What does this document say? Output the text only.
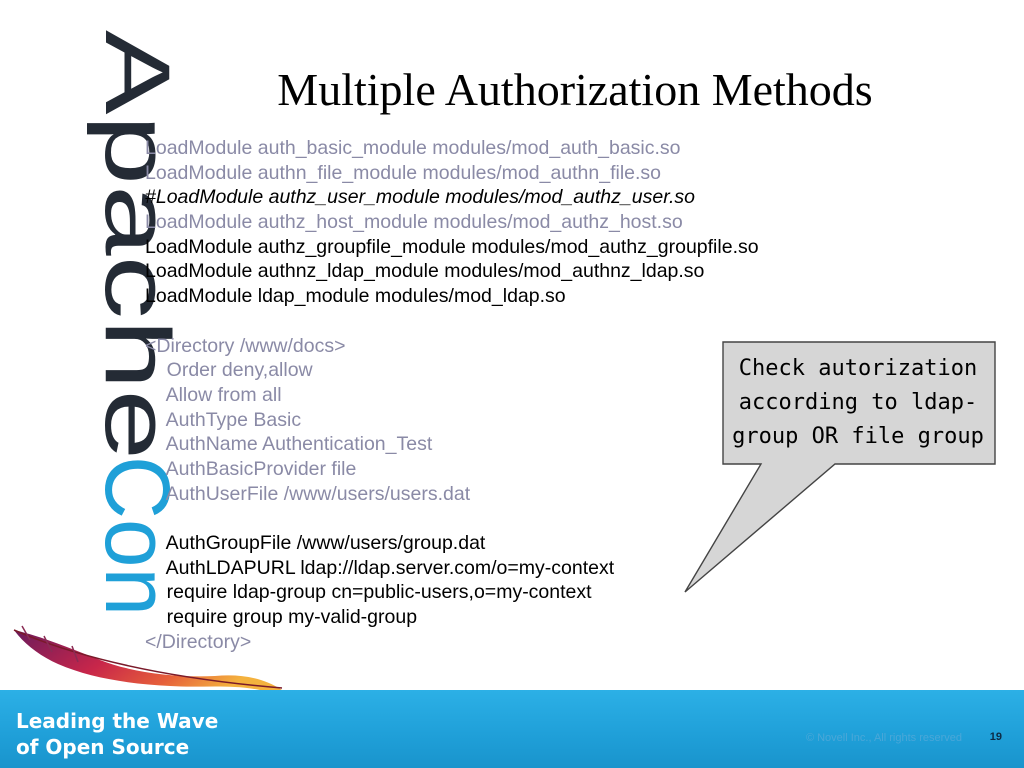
Apache
Con
Multiple Authorization Methods
LoadModule auth_basic_module modules/mod_auth_basic.so
LoadModule authn_file_module modules/mod_authn_file.so
#LoadModule authz_user_module modules/mod_authz_user.so
LoadModule authz_host_module modules/mod_authz_host.so
LoadModule authz_groupfile_module modules/mod_authz_groupfile.so
LoadModule authnz_ldap_module modules/mod_authnz_ldap.so
LoadModule ldap_module modules/mod_ldap.so
<Directory /www/docs>
Order deny,allow
Allow from all
AuthType Basic
AuthName Authentication_Test
AuthBasicProvider file
AuthUserFile /www/users/users.dat
AuthGroupFile /www/users/group.dat
AuthLDAPURL ldap://ldap.server.com/o=my-context
require ldap-group cn=public-users,o=my-context
require group my-valid-group
</Directory>
Check autorization
according to ldap-
group OR file group
Leading the Wave
of Open Source	© Novell Inc., All rights reserved	19
